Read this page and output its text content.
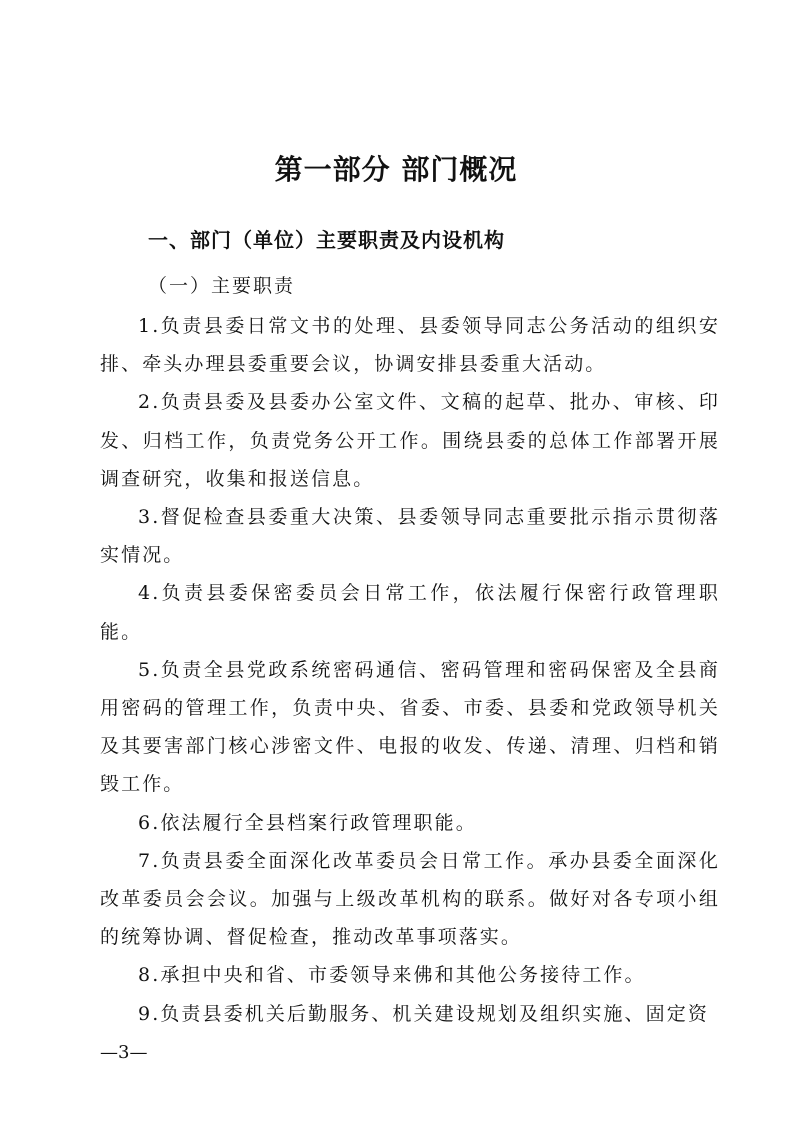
第一部分 部门概况
一、部门（单位）主要职责及内设机构
（一）主要职责

1.负责县委日常文书的处理、县委领导同志公务活动的组织安排、牵头办理县委重要会议，协调安排县委重大活动。

2.负责县委及县委办公室文件、文稿的起草、批办、审核、印发、归档工作，负责党务公开工作。围绕县委的总体工作部署开展调查研究，收集和报送信息。

3.督促检查县委重大决策、县委领导同志重要批示指示贯彻落实情况。

4.负责县委保密委员会日常工作，依法履行保密行政管理职能。

5.负责全县党政系统密码通信、密码管理和密码保密及全县商用密码的管理工作，负责中央、省委、市委、县委和党政领导机关及其要害部门核心涉密文件、电报的收发、传递、清理、归档和销毁工作。

6.依法履行全县档案行政管理职能。

7.负责县委全面深化改革委员会日常工作。承办县委全面深化改革委员会会议。加强与上级改革机构的联系。做好对各专项小组的统筹协调、督促检查，推动改革事项落实。

8.承担中央和省、市委领导来佛和其他公务接待工作。

9.负责县委机关后勤服务、机关建设规划及组织实施、固定资

—3—
